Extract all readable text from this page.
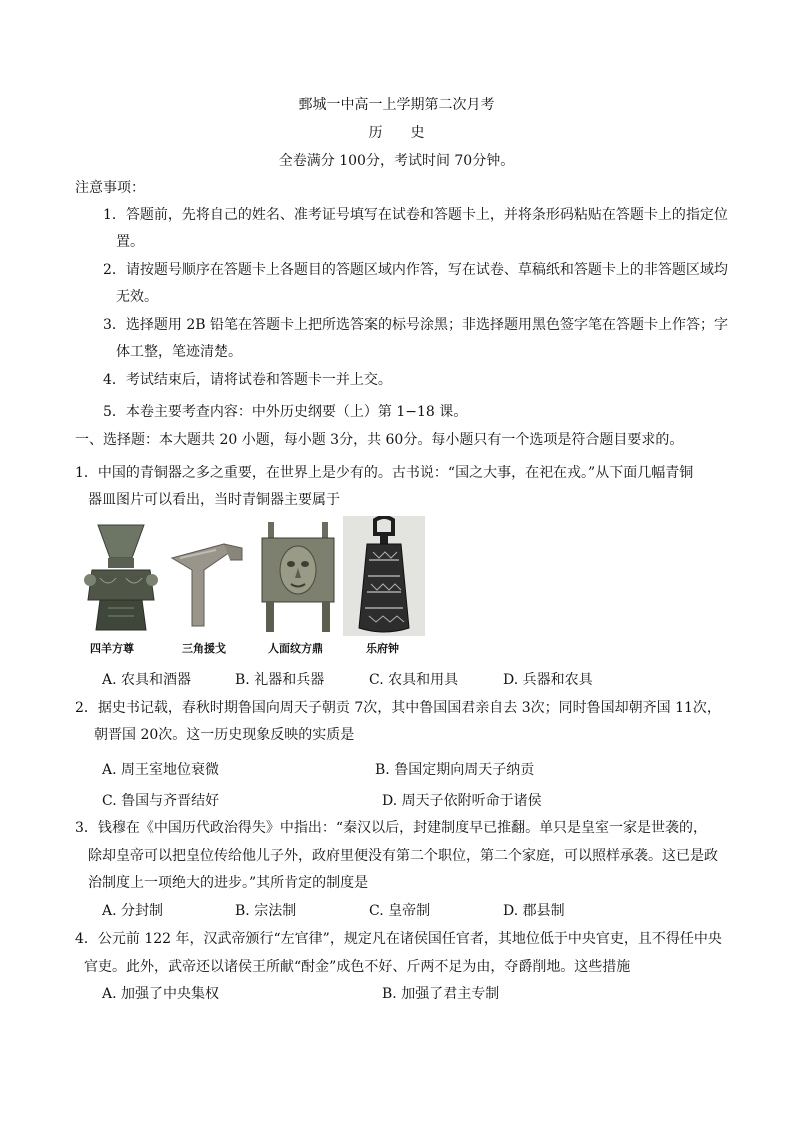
鄄城一中高一上学期第二次月考
历　　史
全卷满分 100分，考试时间 70分钟。
注意事项：
1．答题前，先将自己的姓名、准考证号填写在试卷和答题卡上，并将条形码粘贴在答题卡上的指定位
置。
2．请按题号顺序在答题卡上各题目的答题区域内作答，写在试卷、草稿纸和答题卡上的非答题区域均
无效。
3．选择题用 2B 铅笔在答题卡上把所选答案的标号涂黑；非选择题用黑色签字笔在答题卡上作答；字
体工整，笔迹清楚。
4．考试结束后，请将试卷和答题卡一并上交。
5．本卷主要考查内容：中外历史纲要（上）第 1−18 课。
一、选择题：本大题共 20 小题，每小题 3分，共 60分。每小题只有一个选项是符合题目要求的。
1．中国的青铜器之多之重要，在世界上是少有的。古书说：“国之大事，在祀在戎。”从下面几幅青铜
器皿图片可以看出，当时青铜器主要属于
四羊方尊	三角援戈	人面纹方鼎	乐府钟
A. 农具和酒器	B. 礼器和兵器	C. 农具和用具	D. 兵器和农具
2．据史书记载，春秋时期鲁国向周天子朝贡 7次，其中鲁国国君亲自去 3次；同时鲁国却朝齐国 11次，
朝晋国 20次。这一历史现象反映的实质是
A. 周王室地位衰微	B. 鲁国定期向周天子纳贡
C. 鲁国与齐晋结好	D. 周天子依附听命于诸侯
3．钱穆在《中国历代政治得失》中指出：“秦汉以后，封建制度早已推翻。单只是皇室一家是世袭的，
除却皇帝可以把皇位传给他儿子外，政府里便没有第二个职位，第二个家庭，可以照样承袭。这已是政
治制度上一项绝大的进步。”其所肯定的制度是
A. 分封制	B. 宗法制	C. 皇帝制	D. 郡县制
4．公元前 122 年，汉武帝颁行“左官律”，规定凡在诸侯国任官者，其地位低于中央官吏，且不得任中央
官吏。此外，武帝还以诸侯王所献“酎金”成色不好、斤两不足为由，夺爵削地。这些措施
A. 加强了中央集权	B. 加强了君主专制
